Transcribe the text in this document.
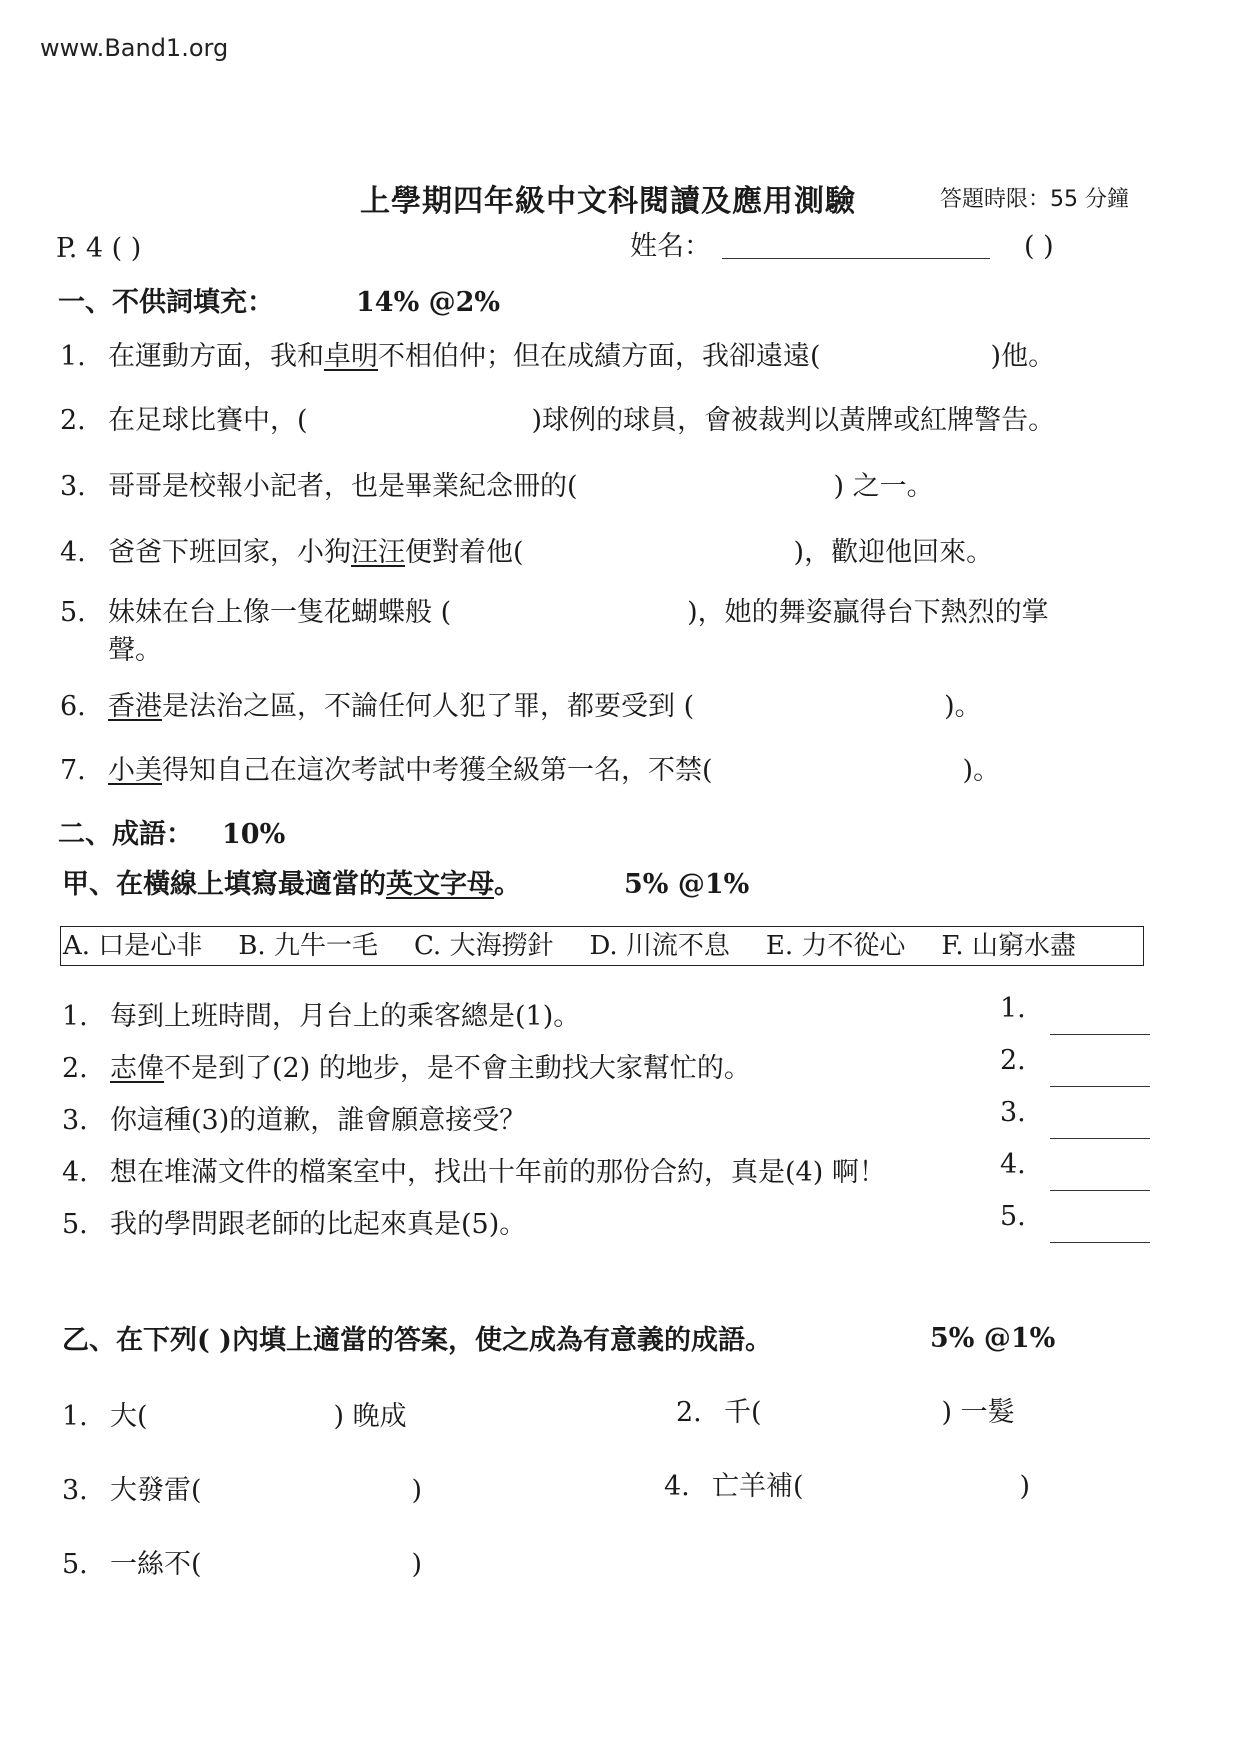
www.Band1.org
上學期四年級中文科閱讀及應用測驗	答題時限：55 分鐘
P. 4 ( )	姓名：	( )
一、不供詞填充：	14% @2%
1. 在運動方面，我和卓明不相伯仲；但在成績方面，我卻遠遠(	)他。
2. 在足球比賽中，(	)球例的球員，會被裁判以黃牌或紅牌警告。
3. 哥哥是校報小記者，也是畢業紀念冊的(	) 之一。
4. 爸爸下班回家，小狗汪汪便對着他(	)，歡迎他回來。
5. 妹妹在台上像一隻花蝴蝶般 (	)，她的舞姿贏得台下熱烈的掌
聲。
6. 香港是法治之區，不論任何人犯了罪，都要受到 (	)。
7. 小美得知自己在這次考試中考獲全級第一名，不禁(	)。
二、成語： 10%
甲、在橫線上填寫最適當的英文字母。	5% @1%
A. 口是心非 B. 九牛一毛 C. 大海撈針 D. 川流不息 E. 力不從心 F. 山窮水盡
1. 每到上班時間，月台上的乘客總是(1)。
2. 志偉不是到了(2) 的地步，是不會主動找大家幫忙的。
3. 你這種(3)的道歉，誰會願意接受？
4. 想在堆滿文件的檔案室中，找出十年前的那份合約，真是(4) 啊！
5. 我的學問跟老師的比起來真是(5)。
1.
2.
3.
4.
5.
乙、在下列( )內填上適當的答案，使之成為有意義的成語。	5% @1%
1. 大(	) 晚成	2. 千(	) 一髮
3. 大發雷(	)	4. 亡羊補(	)
5. 一絲不(	)
